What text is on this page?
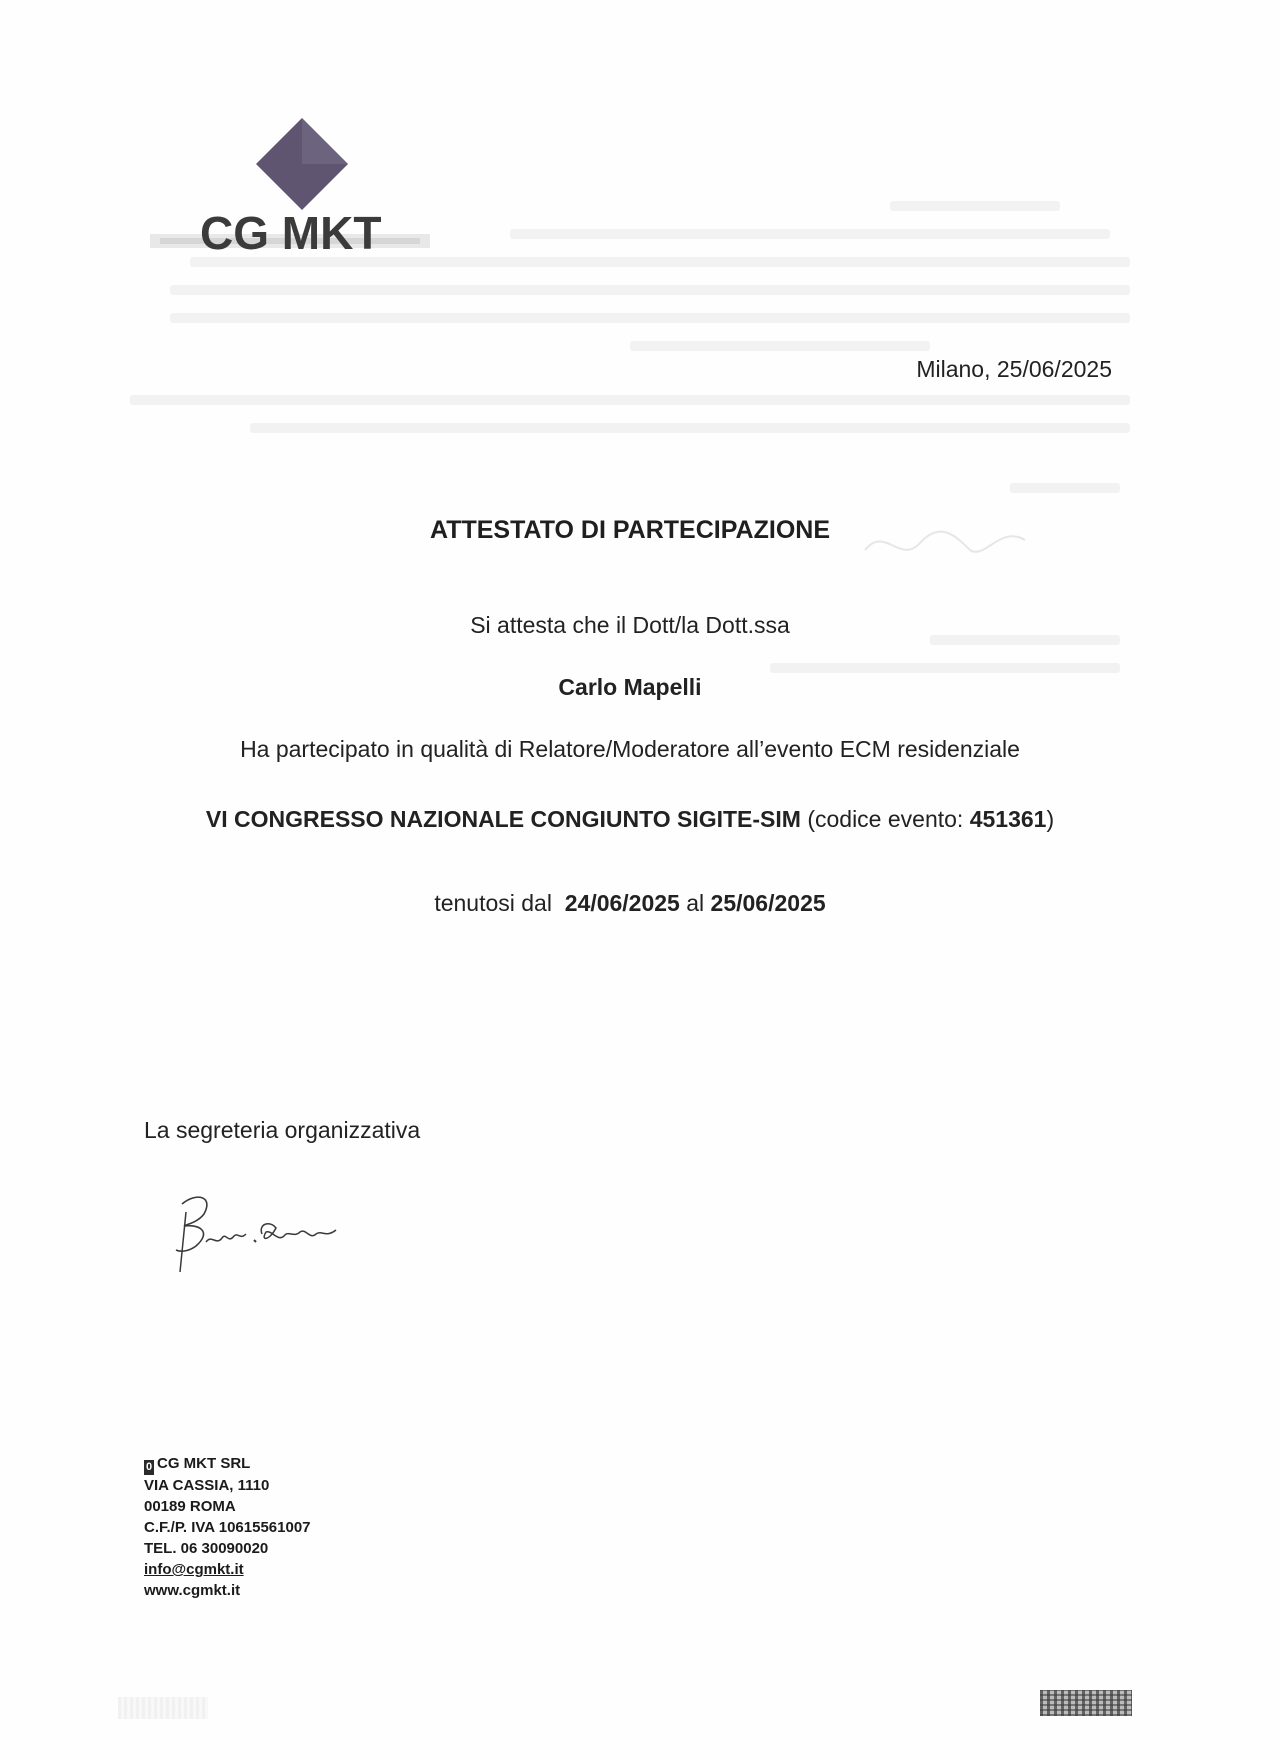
CG MKT
Milano, 25/06/2025
ATTESTATO DI PARTECIPAZIONE
Si attesta che il Dott/la Dott.ssa
Carlo Mapelli
Ha partecipato in qualità di Relatore/Moderatore all’evento ECM residenziale
VI CONGRESSO NAZIONALE CONGIUNTO SIGITE-SIM (codice evento: 451361)
tenutosi dal  24/06/2025 al 25/06/2025
La segreteria organizzativa
0 CG MKT SRL
VIA CASSIA, 1110
00189 ROMA
C.F./P. IVA 10615561007
TEL. 06 30090020
info@cgmkt.it
www.cgmkt.it
